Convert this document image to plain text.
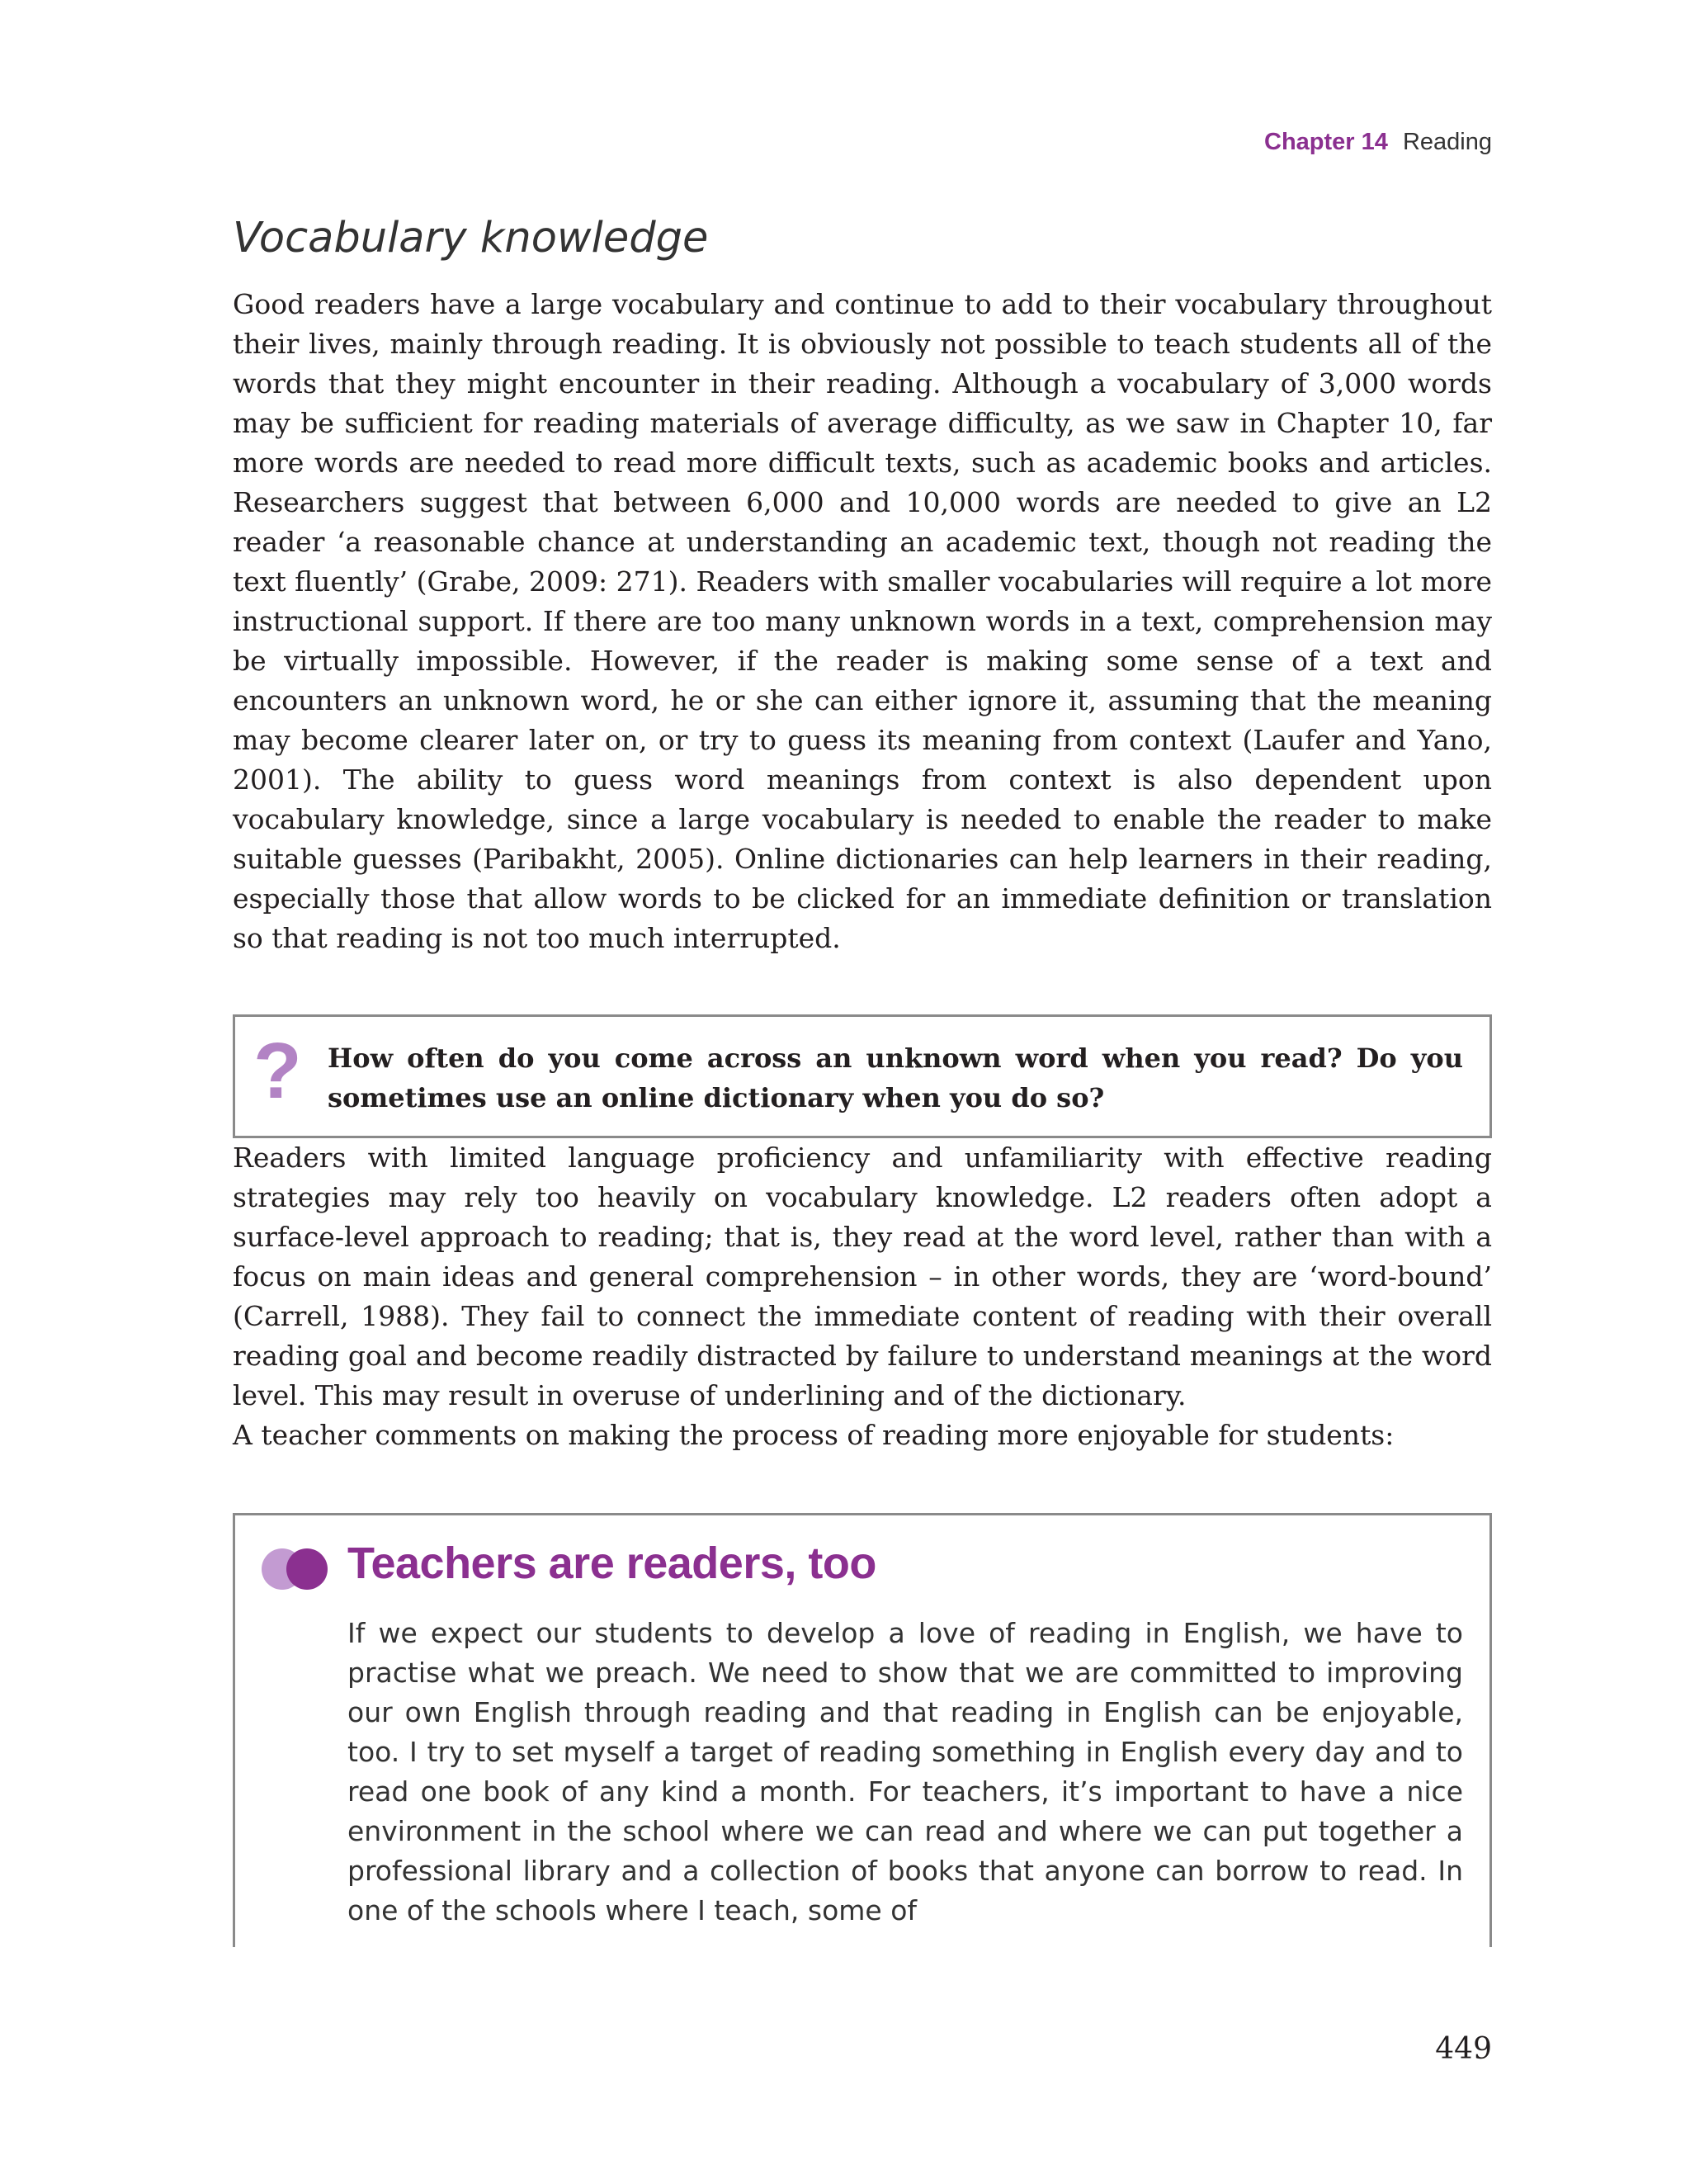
Chapter 14 Reading
Vocabulary knowledge

Good readers have a large vocabulary and continue to add to their vocabulary throughout their lives, mainly through reading. It is obviously not possible to teach students all of the words that they might encounter in their reading. Although a vocabulary of 3,000 words may be sufficient for reading materials of average difficulty, as we saw in Chapter 10, far more words are needed to read more difficult texts, such as academic books and articles. Researchers suggest that between 6,000 and 10,000 words are needed to give an L2 reader ‘a reasonable chance at understanding an academic text, though not reading the text fluently’ (Grabe, 2009: 271). Readers with smaller vocabularies will require a lot more instructional support. If there are too many unknown words in a text, comprehension may be virtually impossible. However, if the reader is making some sense of a text and encounters an unknown word, he or she can either ignore it, assuming that the meaning may become clearer later on, or try to guess its meaning from context (Laufer and Yano, 2001). The ability to guess word meanings from context is also dependent upon vocabulary knowledge, since a large vocabulary is needed to enable the reader to make suitable guesses (Paribakht, 2005). Online dictionaries can help learners in their reading, especially those that allow words to be clicked for an immediate definition or translation so that reading is not too much interrupted.

? How often do you come across an unknown word when you read? Do you sometimes use an online dictionary when you do so?

Readers with limited language proficiency and unfamiliarity with effective reading strategies may rely too heavily on vocabulary knowledge. L2 readers often adopt a surface-level approach to reading; that is, they read at the word level, rather than with a focus on main ideas and general comprehension – in other words, they are ‘word-bound’ (Carrell, 1988). They fail to connect the immediate content of reading with their overall reading goal and become readily distracted by failure to understand meanings at the word level. This may result in overuse of underlining and of the dictionary.

A teacher comments on making the process of reading more enjoyable for students:

Teachers are readers, too

If we expect our students to develop a love of reading in English, we have to practise what we preach. We need to show that we are committed to improving our own English through reading and that reading in English can be enjoyable, too. I try to set myself a target of reading something in English every day and to read one book of any kind a month. For teachers, it’s important to have a nice environment in the school where we can read and where we can put together a professional library and a collection of books that anyone can borrow to read. In one of the schools where I teach, some of

449
